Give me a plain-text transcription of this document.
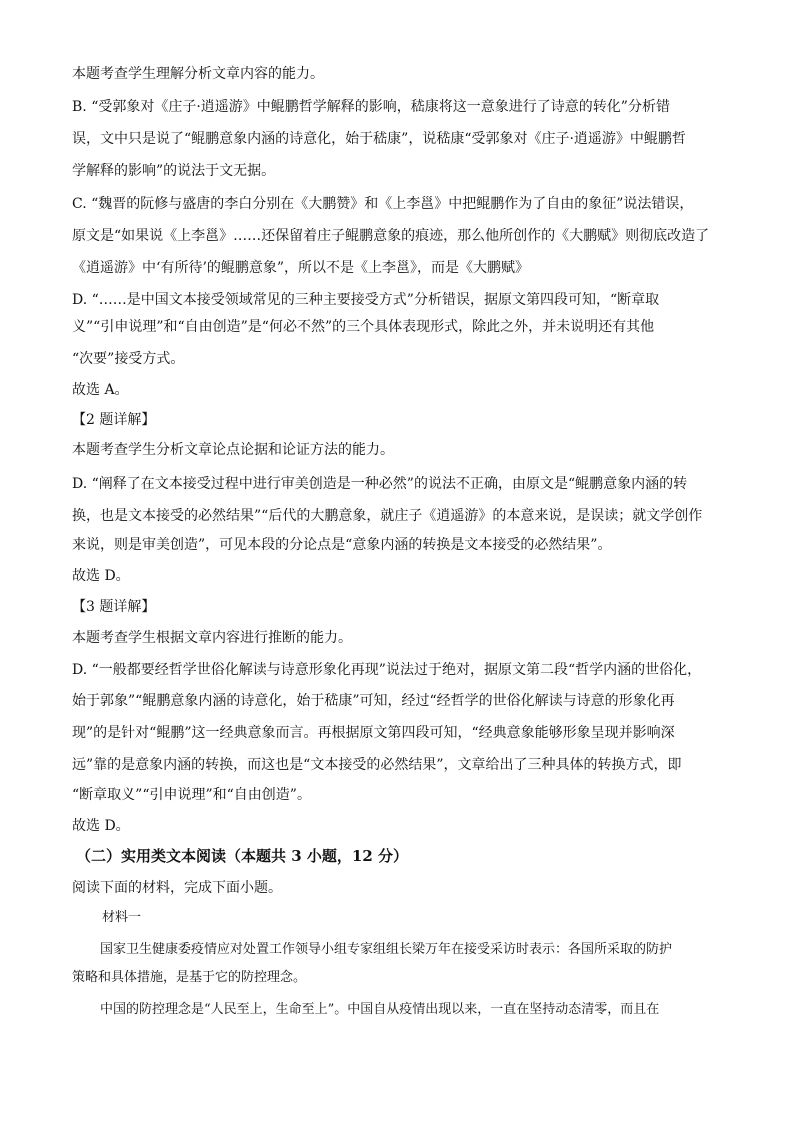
本题考查学生理解分析文章内容的能力。
B. “受郭象对《庄子·逍遥游》中鲲鹏哲学解释的影响，嵇康将这一意象进行了诗意的转化”分析错
误，文中只是说了“鲲鹏意象内涵的诗意化，始于嵇康”，说嵇康“受郭象对《庄子·逍遥游》中鲲鹏哲
学解释的影响”的说法于文无据。
C. “魏晋的阮修与盛唐的李白分别在《大鹏赞》和《上李邕》中把鲲鹏作为了自由的象征”说法错误，
原文是“如果说《上李邕》……还保留着庄子鲲鹏意象的痕迹，那么他所创作的《大鹏赋》则彻底改造了
《逍遥游》中‘有所待’的鲲鹏意象”，所以不是《上李邕》，而是《大鹏赋》
D. “……是中国文本接受领域常见的三种主要接受方式”分析错误，据原文第四段可知，“断章取
义”“引申说理”和“自由创造”是“何必不然”的三个具体表现形式，除此之外，并未说明还有其他
“次要”接受方式。
故选 A。
【2 题详解】
本题考查学生分析文章论点论据和论证方法的能力。
D. “阐释了在文本接受过程中进行审美创造是一种必然”的说法不正确，由原文是“鲲鹏意象内涵的转
换，也是文本接受的必然结果”“后代的大鹏意象，就庄子《逍遥游》的本意来说，是误读；就文学创作
来说，则是审美创造”，可见本段的分论点是“意象内涵的转换是文本接受的必然结果”。
故选 D。
【3 题详解】
本题考查学生根据文章内容进行推断的能力。
D. “一般都要经哲学世俗化解读与诗意形象化再现”说法过于绝对，据原文第二段“哲学内涵的世俗化，
始于郭象”“鲲鹏意象内涵的诗意化，始于嵇康”可知，经过“经哲学的世俗化解读与诗意的形象化再
现”的是针对“鲲鹏”这一经典意象而言。再根据原文第四段可知，“经典意象能够形象呈现并影响深
远”靠的是意象内涵的转换，而这也是“文本接受的必然结果”，文章给出了三种具体的转换方式，即
“断章取义”“引申说理”和“自由创造”。
故选 D。
（二）实用类文本阅读（本题共 3 小题，12 分）
阅读下面的材料，完成下面小题。
材料一
国家卫生健康委疫情应对处置工作领导小组专家组组长梁万年在接受采访时表示：各国所采取的防护
策略和具体措施，是基于它的防控理念。
中国的防控理念是“人民至上，生命至上”。中国自从疫情出现以来，一直在坚持动态清零，而且在
